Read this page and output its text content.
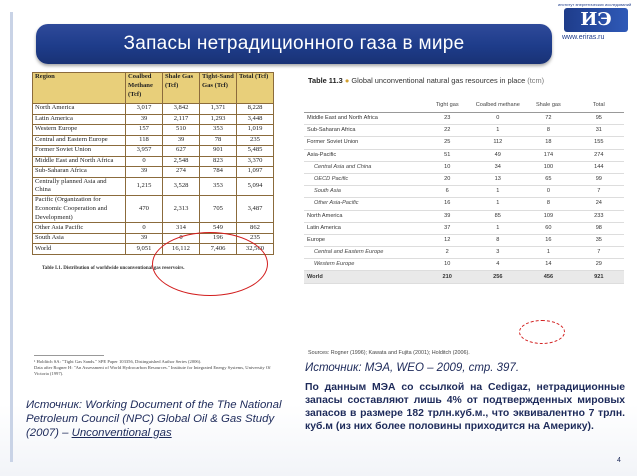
Запасы нетрадиционного газа в мире
институт энергетических исследований
ИЭ
www.eriras.ru
Region	Coalbed Methane (Tcf)	Shale Gas (Tcf)	Tight-Sand Gas (Tcf)	Total (Tcf)
North America	3,017	3,842	1,371	8,228
Latin America	39	2,117	1,293	3,448
Western Europe	157	510	353	1,019
Central and Eastern Europe	118	39	78	235
Former Soviet Union	3,957	627	901	5,485
Middle East and North Africa	0	2,548	823	3,370
Sub-Saharan Africa	39	274	784	1,097
Centrally planned Asia and China	1,215	3,528	353	5,094
Pacific (Organization for Economic Cooperation and Development)	470	2,313	705	3,487
Other Asia Pacific	0	314	549	862
South Asia	39	0	196	235
World	9,051	16,112	7,406	32,560
Table I.1. Distribution of worldwide unconventional gas reservoirs.
¹ Holditch SA: "Tight Gas Sands." SPE Paper 103356, Distinguished Author Series (2006).
Data after Rogner H: "An Assessment of World Hydrocarbon Resources." Institute for Integrated Energy Systems, University Of Victoria (1997).
Table 11.3 ● Global unconventional natural gas resources in place (tcm)
	Tight gas	Coalbed methane	Shale gas	Total
Middle East and North Africa	23	0	72	95
Sub-Saharan Africa	22	1	8	31
Former Soviet Union	25	112	18	155
Asia-Pacific	51	49	174	274
Central Asia and China	10	34	100	144
OECD Pacific	20	13	65	99
South Asia	6	1	0	7
Other Asia-Pacific	16	1	8	24
North America	39	85	109	233
Latin America	37	1	60	98
Europe	12	8	16	35
Central and Eastern Europe	2	3	1	7
Western Europe	10	4	14	29
World	210	256	456	921
Sources: Rogner (1996); Kawata and Fujita (2001); Holditch (2006).
Источник: МЭА, WEO – 2009, стр. 397.
По данным МЭА со ссылкой на Cedigaz, нетрадиционные запасы составляют лишь 4% от подтвержденных мировых запасов в размере 182 трлн.куб.м., что эквивалентно 7 трлн. куб.м (из них более половины приходится на Америку).
Источник: Working Document of the The National Petroleum Council (NPC) Global Oil & Gas Study (2007) – Unconventional gas
4
